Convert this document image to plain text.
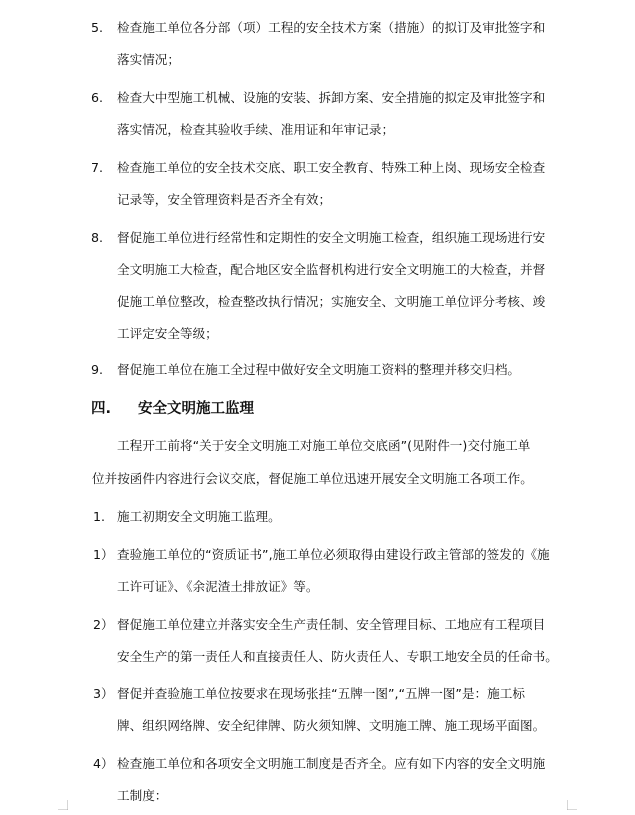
5. 检查施工单位各分部（项）工程的安全技术方案（措施）的拟订及审批签字和
落实情况；
6. 检查大中型施工机械、设施的安装、拆卸方案、安全措施的拟定及审批签字和
落实情况，检查其验收手续、准用证和年审记录；
7. 检查施工单位的安全技术交底、职工安全教育、特殊工种上岗、现场安全检查
记录等，安全管理资料是否齐全有效；
8. 督促施工单位进行经常性和定期性的安全文明施工检查，组织施工现场进行安
全文明施工大检查，配合地区安全监督机构进行安全文明施工的大检查，并督
促施工单位整改，检查整改执行情况；实施安全、文明施工单位评分考核、竣
工评定安全等级；
9. 督促施工单位在施工全过程中做好安全文明施工资料的整理并移交归档。
四. 安全文明施工监理
工程开工前将“关于安全文明施工对施工单位交底函”(见附件一)交付施工单
位并按函件内容进行会议交底，督促施工单位迅速开展安全文明施工各项工作。
1. 施工初期安全文明施工监理。
1） 查验施工单位的“资质证书”,施工单位必须取得由建设行政主管部的签发的《施
工许可证》、《余泥渣土排放证》等。
2） 督促施工单位建立并落实安全生产责任制、安全管理目标、工地应有工程项目
安全生产的第一责任人和直接责任人、防火责任人、专职工地安全员的任命书。
3） 督促并查验施工单位按要求在现场张挂“五牌一图”,“五牌一图”是：施工标
牌、组织网络牌、安全纪律牌、防火须知牌、文明施工牌、施工现场平面图。
4） 检查施工单位和各项安全文明施工制度是否齐全。应有如下内容的安全文明施
工制度：
